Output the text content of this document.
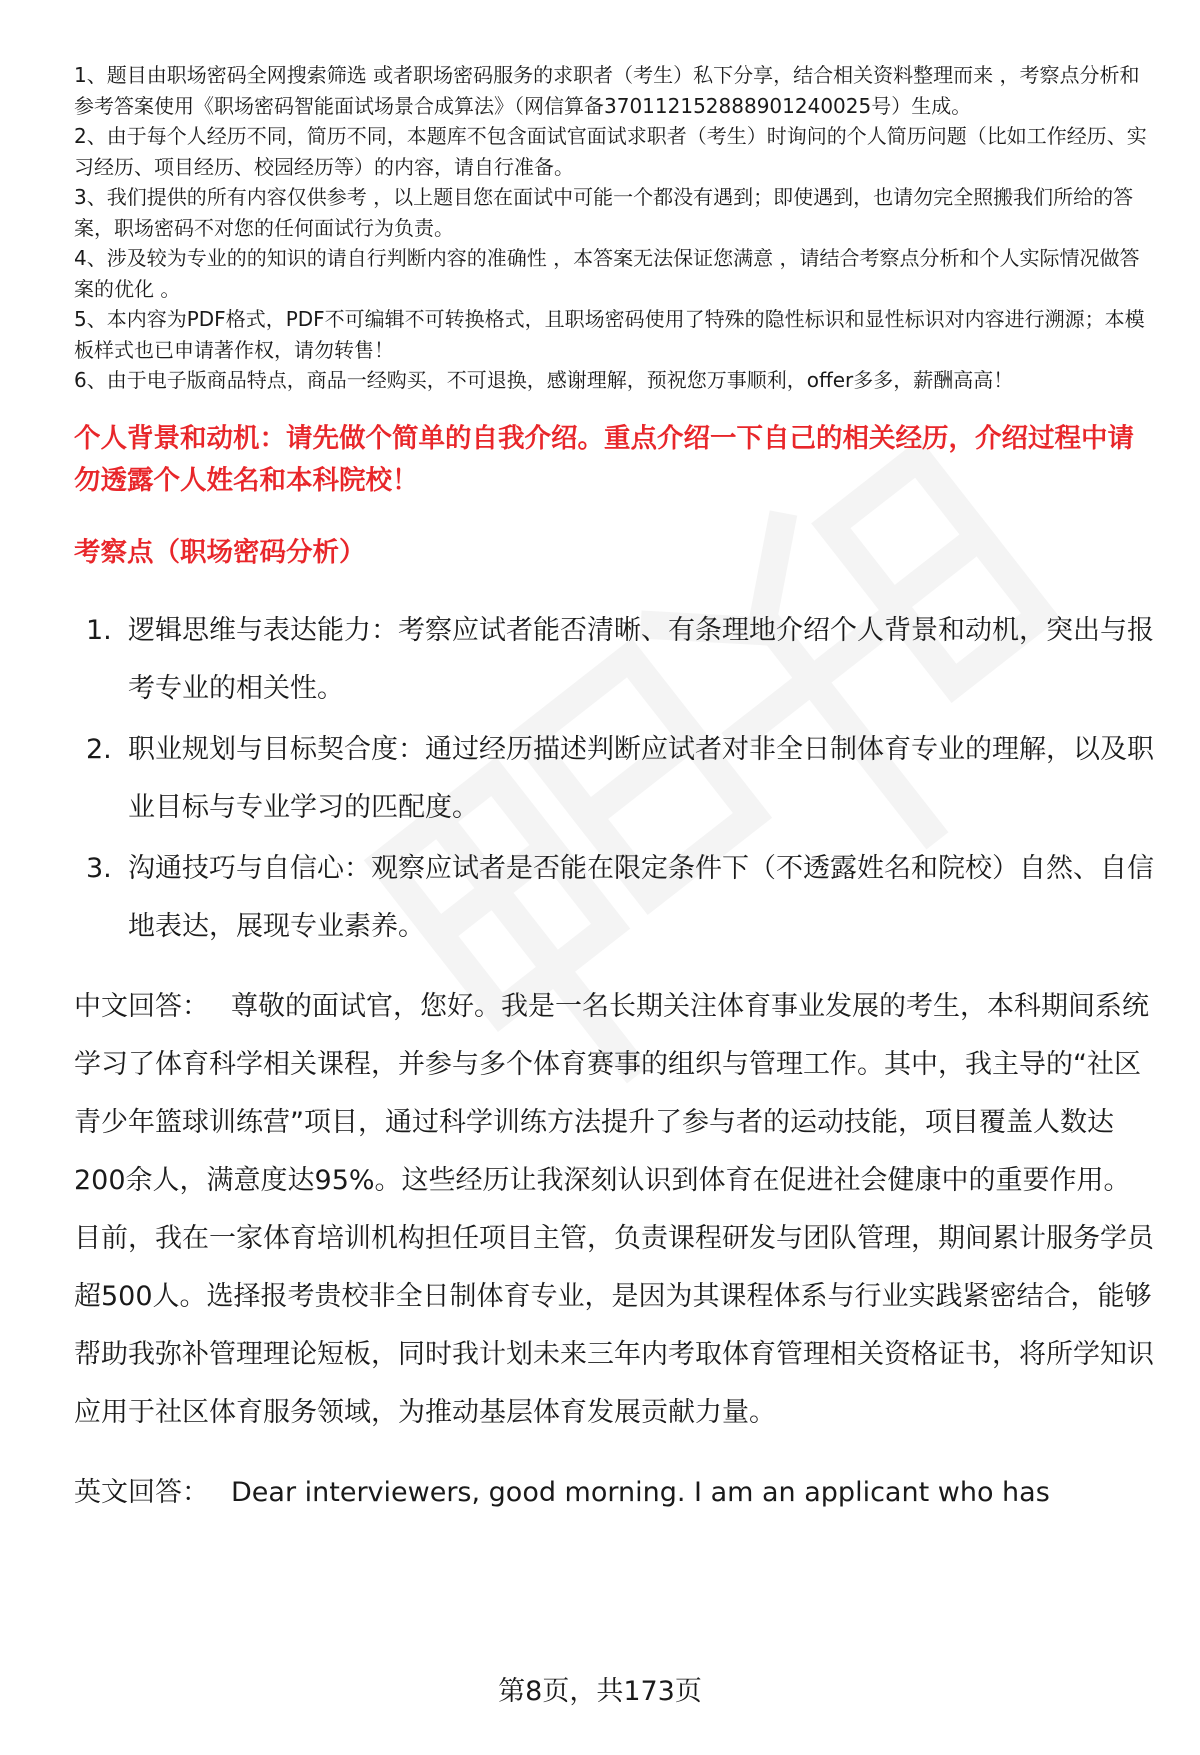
1、题目由职场密码全网搜索筛选 或者职场密码服务的求职者（考生）私下分享，结合相关资料整理而来 ，考察点分析和参考答案使用《职场密码智能面试场景合成算法》（网信算备370112152888901240025号）生成。
2、由于每个人经历不同，简历不同，本题库不包含面试官面试求职者（考生）时询问的个人简历问题（比如工作经历、实习经历、项目经历、校园经历等）的内容，请自行准备。
3、我们提供的所有内容仅供参考 ，以上题目您在面试中可能一个都没有遇到；即使遇到，也请勿完全照搬我们所给的答案，职场密码不对您的任何面试行为负责。
4、涉及较为专业的的知识的请自行判断内容的准确性 ，本答案无法保证您满意 ，请结合考察点分析和个人实际情况做答案的优化 。
5、本内容为PDF格式，PDF不可编辑不可转换格式，且职场密码使用了特殊的隐性标识和显性标识对内容进行溯源；本模板样式也已申请著作权，请勿转售！
6、由于电子版商品特点，商品一经购买，不可退换，感谢理解，预祝您万事顺利，offer多多，薪酬高高！
个人背景和动机：请先做个简单的自我介绍。重点介绍一下自己的相关经历，介绍过程中请勿透露个人姓名和本科院校！
考察点（职场密码分析）
1. 逻辑思维与表达能力：考察应试者能否清晰、有条理地介绍个人背景和动机，突出与报考专业的相关性。
2. 职业规划与目标契合度：通过经历描述判断应试者对非全日制体育专业的理解，以及职业目标与专业学习的匹配度。
3. 沟通技巧与自信心：观察应试者是否能在限定条件下（不透露姓名和院校）自然、自信地表达，展现专业素养。

中文回答： 尊敬的面试官，您好。我是一名长期关注体育事业发展的考生，本科期间系统学习了体育科学相关课程，并参与多个体育赛事的组织与管理工作。其中，我主导的“社区青少年篮球训练营”项目，通过科学训练方法提升了参与者的运动技能，项目覆盖人数达200余人，满意度达95%。这些经历让我深刻认识到体育在促进社会健康中的重要作用。目前，我在一家体育培训机构担任项目主管，负责课程研发与团队管理，期间累计服务学员超500人。选择报考贵校非全日制体育专业，是因为其课程体系与行业实践紧密结合，能够帮助我弥补管理理论短板，同时我计划未来三年内考取体育管理相关资格证书，将所学知识应用于社区体育服务领域，为推动基层体育发展贡献力量。

英文回答： Dear interviewers, good morning. I am an applicant who has

第8页，共173页
